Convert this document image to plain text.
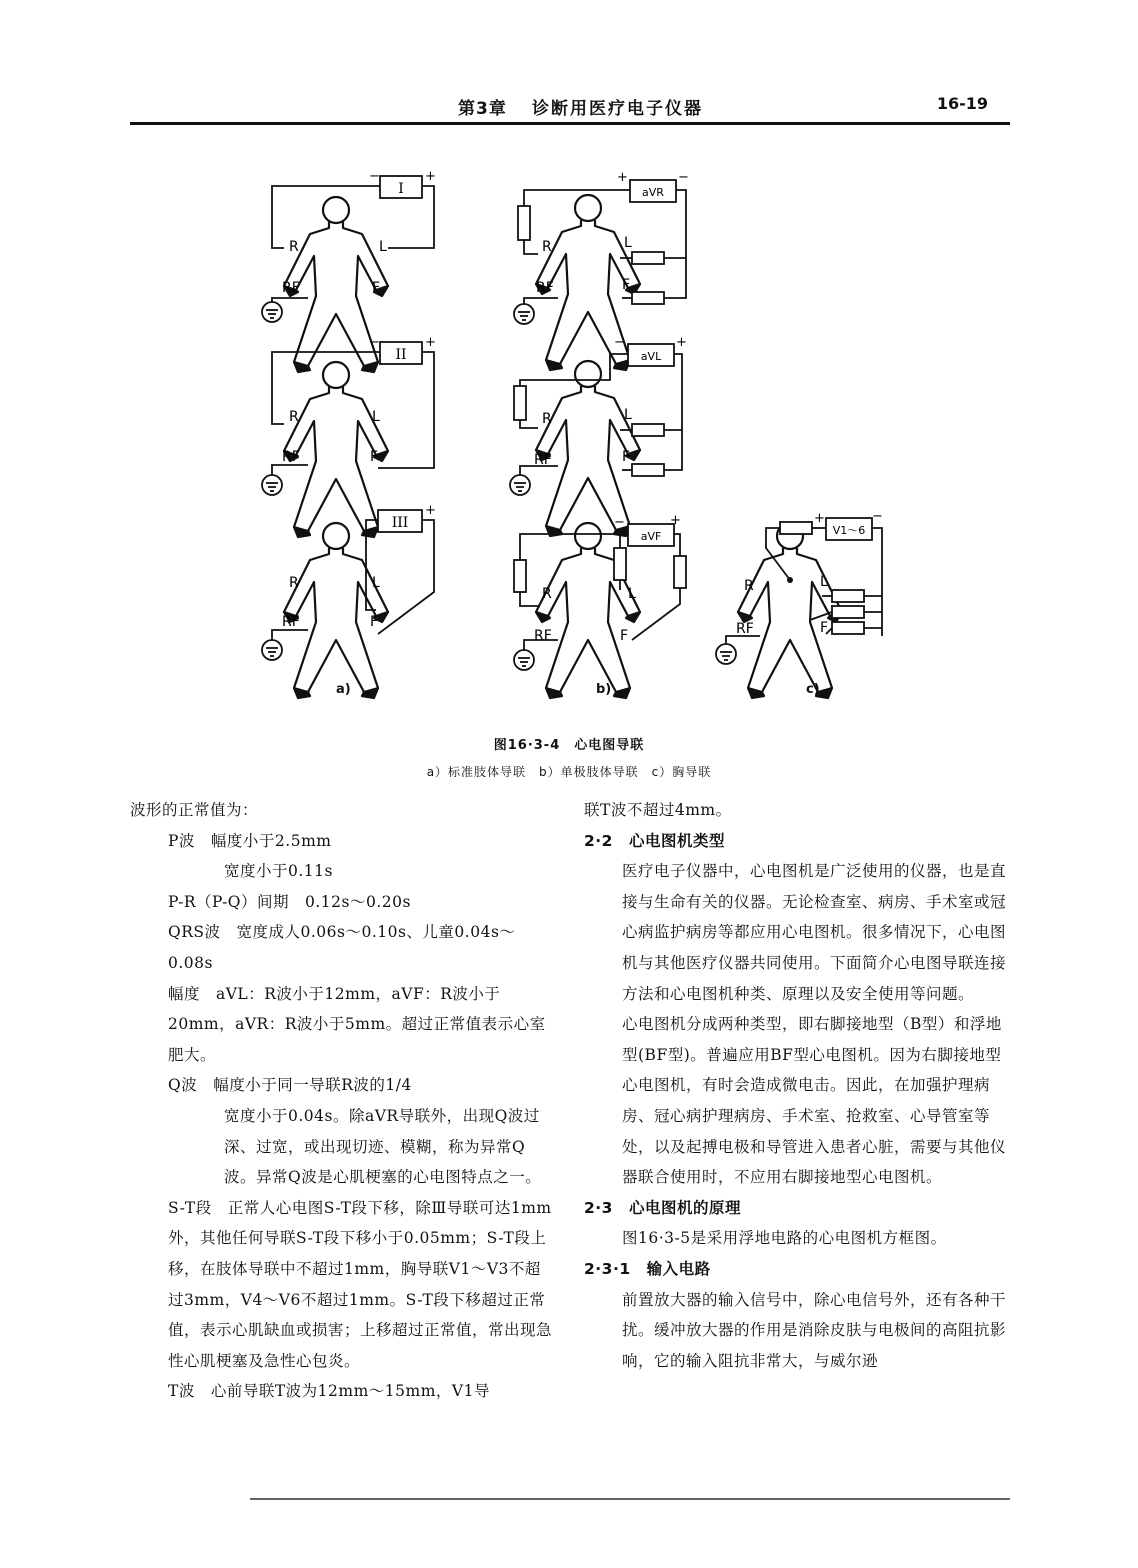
第3章 诊断用医疗电子仪器	16-19
I
−	+
R	L
RF	F
II
−	+
R	L
RF	F
III
+
R	L
RF	F
aVR
+	−
R	L
RF	F
aVL
−	+
R	L
RF	F
aVF
−	+
R	L
RF	F
V1～6
+	−
R	L
RF	F
a)	b)	c)
图16·3-4　心电图导联
a）标准肢体导联　b）单极肢体导联　c）胸导联

波形的正常值为：

P波　幅度小于2.5mm

宽度小于0.11s

P-R（P-Q）间期　0.12s～0.20s

QRS波　宽度成人0.06s～0.10s、儿童0.04s～0.08s

幅度　aVL：R波小于12mm，aVF：R波小于20mm，aVR：R波小于5mm。超过正常值表示心室肥大。

Q波　幅度小于同一导联R波的1/4

宽度小于0.04s。除aVR导联外，出现Q波过深、过宽，或出现切迹、模糊，称为异常Q波。异常Q波是心肌梗塞的心电图特点之一。

S-T段　正常人心电图S-T段下移，除Ⅲ导联可达1mm外，其他任何导联S-T段下移小于0.05mm；S-T段上移，在肢体导联中不超过1mm，胸导联V1～V3不超过3mm，V4～V6不超过1mm。S-T段下移超过正常值，表示心肌缺血或损害；上移超过正常值，常出现急性心肌梗塞及急性心包炎。

T波　心前导联T波为12mm～15mm，V1导

联T波不超过4mm。

2·2　心电图机类型

医疗电子仪器中，心电图机是广泛使用的仪器，也是直接与生命有关的仪器。无论检查室、病房、手术室或冠心病监护病房等都应用心电图机。很多情况下，心电图机与其他医疗仪器共同使用。下面简介心电图导联连接方法和心电图机种类、原理以及安全使用等问题。

心电图机分成两种类型，即右脚接地型（B型）和浮地型(BF型)。普遍应用BF型心电图机。因为右脚接地型心电图机，有时会造成微电击。因此，在加强护理病房、冠心病护理病房、手术室、抢救室、心导管室等处，以及起搏电极和导管进入患者心脏，需要与其他仪器联合使用时，不应用右脚接地型心电图机。

2·3　心电图机的原理

图16·3-5是采用浮地电路的心电图机方框图。

2·3·1　输入电路

前置放大器的输入信号中，除心电信号外，还有各种干扰。缓冲放大器的作用是消除皮肤与电极间的高阻抗影响，它的输入阻抗非常大，与威尔逊
